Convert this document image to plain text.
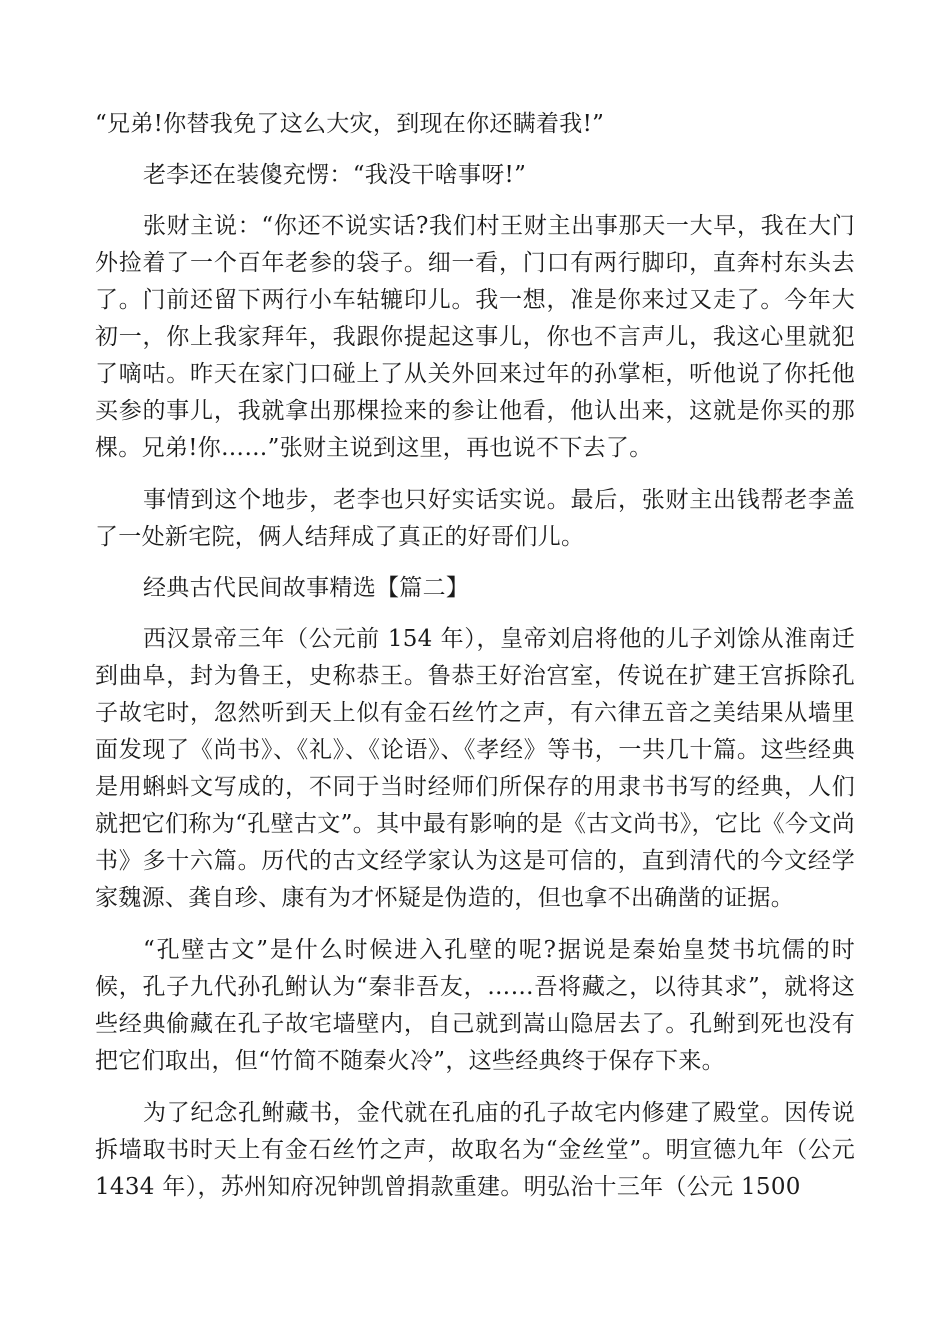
“兄弟!你替我免了这么大灾，到现在你还瞒着我!”

老李还在装傻充愣：“我没干啥事呀!”

张财主说：“你还不说实话?我们村王财主出事那天一大早，我在大门外捡着了一个百年老参的袋子。细一看，门口有两行脚印，直奔村东头去了。门前还留下两行小车轱辘印儿。我一想，准是你来过又走了。今年大初一，你上我家拜年，我跟你提起这事儿，你也不言声儿，我这心里就犯了嘀咕。昨天在家门口碰上了从关外回来过年的孙掌柜，听他说了你托他买参的事儿，我就拿出那棵捡来的参让他看，他认出来，这就是你买的那棵。兄弟!你……”张财主说到这里，再也说不下去了。

事情到这个地步，老李也只好实话实说。最后，张财主出钱帮老李盖了一处新宅院，俩人结拜成了真正的好哥们儿。

经典古代民间故事精选【篇二】

西汉景帝三年（公元前 154 年），皇帝刘启将他的儿子刘馀从淮南迁到曲阜，封为鲁王，史称恭王。鲁恭王好治宫室，传说在扩建王宫拆除孔子故宅时，忽然听到天上似有金石丝竹之声，有六律五音之美结果从墙里面发现了《尚书》、《礼》、《论语》、《孝经》等书，一共几十篇。这些经典是用蝌蚪文写成的，不同于当时经师们所保存的用隶书书写的经典，人们就把它们称为“孔壁古文”。其中最有影响的是《古文尚书》，它比《今文尚书》多十六篇。历代的古文经学家认为这是可信的，直到清代的今文经学家魏源、龚自珍、康有为才怀疑是伪造的，但也拿不出确凿的证据。

“孔壁古文”是什么时候进入孔壁的呢?据说是秦始皇焚书坑儒的时候，孔子九代孙孔鲋认为“秦非吾友，……吾将藏之，以待其求”，就将这些经典偷藏在孔子故宅墙壁内，自己就到嵩山隐居去了。孔鲋到死也没有把它们取出，但“竹简不随秦火冷”，这些经典终于保存下来。

为了纪念孔鲋藏书，金代就在孔庙的孔子故宅内修建了殿堂。因传说拆墙取书时天上有金石丝竹之声，故取名为“金丝堂”。明宣德九年（公元 1434 年），苏州知府况钟凯曾捐款重建。明弘治十三年（公元 1500
